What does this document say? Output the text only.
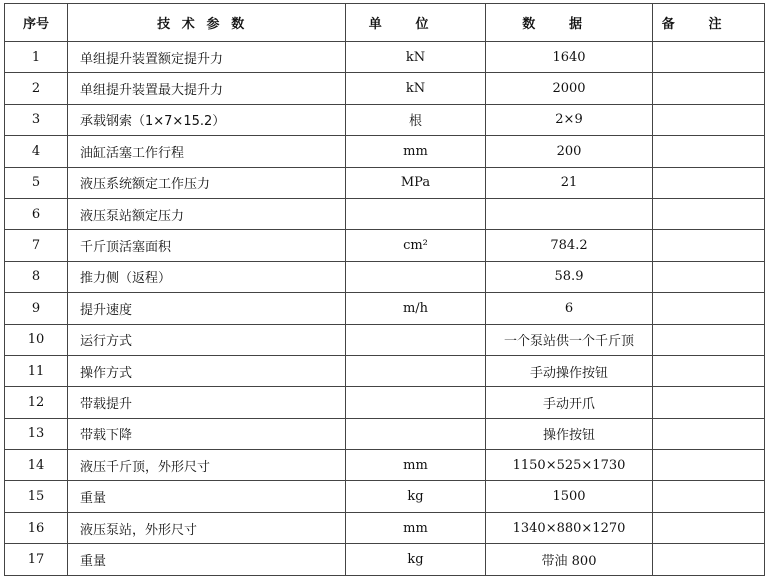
序号	技术参数	单位	数据	备注
1	单组提升装置额定提升力	kN	1640	
2	单组提升装置最大提升力	kN	2000	
3	承载钢索（1×7×15.2）	根	2×9	
4	油缸活塞工作行程	mm	200	
5	液压系统额定工作压力	MPa	21	
6	液压泵站额定压力			
7	千斤顶活塞面积	cm²	784.2	
8	推力侧（返程）		58.9	
9	提升速度	m/h	6	
10	运行方式		一个泵站供一个千斤顶	
11	操作方式		手动操作按钮	
12	带载提升		手动开爪	
13	带载下降		操作按钮	
14	液压千斤顶，外形尺寸	mm	1150×525×1730	
15	重量	kg	1500	
16	液压泵站，外形尺寸	mm	1340×880×1270	
17	重量	kg	带油 800	
